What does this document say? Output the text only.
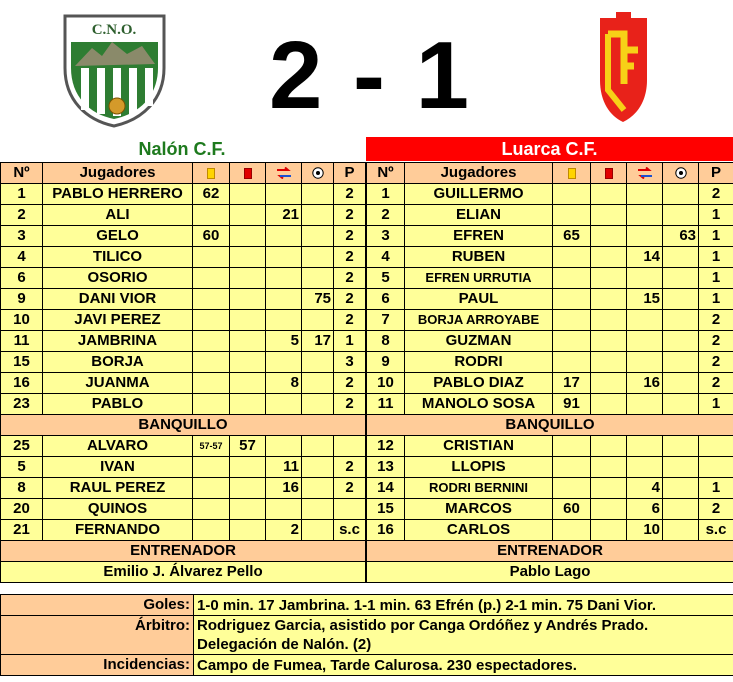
C.N.O.
LCF
2 - 1
Nalón C.F.	Luarca C.F.
Nº	Jugadores					P
1	PABLO HERRERO	62				2
2	ALI			21		2
3	GELO	60				2
4	TILICO					2
6	OSORIO					2
9	DANI VIOR				75	2
10	JAVI PEREZ					2
11	JAMBRINA			5	17	1
15	BORJA					3
16	JUANMA			8		2
23	PABLO					2
BANQUILLO						
25	ALVARO	57-57	57			
5	IVAN			11		2
8	RAUL PEREZ			16		2
20	QUINOS					
21	FERNANDO			2		s.c
ENTRENADOR						
Emilio J. Álvarez Pello						
Nº	Jugadores					P
1	GUILLERMO					2
2	ELIAN					1
3	EFREN	65			63	1
4	RUBEN			14		1
5	EFREN URRUTIA					1
6	PAUL			15		1
7	BORJA ARROYABE					2
8	GUZMAN					2
9	RODRI					2
10	PABLO DIAZ	17		16		2
11	MANOLO SOSA	91				1
BANQUILLO						
12	CRISTIAN					
13	LLOPIS					
14	RODRI BERNINI			4		1
15	MARCOS	60		6		2
16	CARLOS			10		s.c
ENTRENADOR						
Pablo Lago						
Goles:	1-0 min. 17 Jambrina. 1-1 min. 63 Efrén (p.) 2-1 min. 75 Dani Vior.
Árbitro:	Rodriguez Garcia, asistido por Canga Ordóñez y Andrés Prado. Delegación de Nalón. (2)
Incidencias:	Campo de Fumea, Tarde Calurosa. 230 espectadores.
